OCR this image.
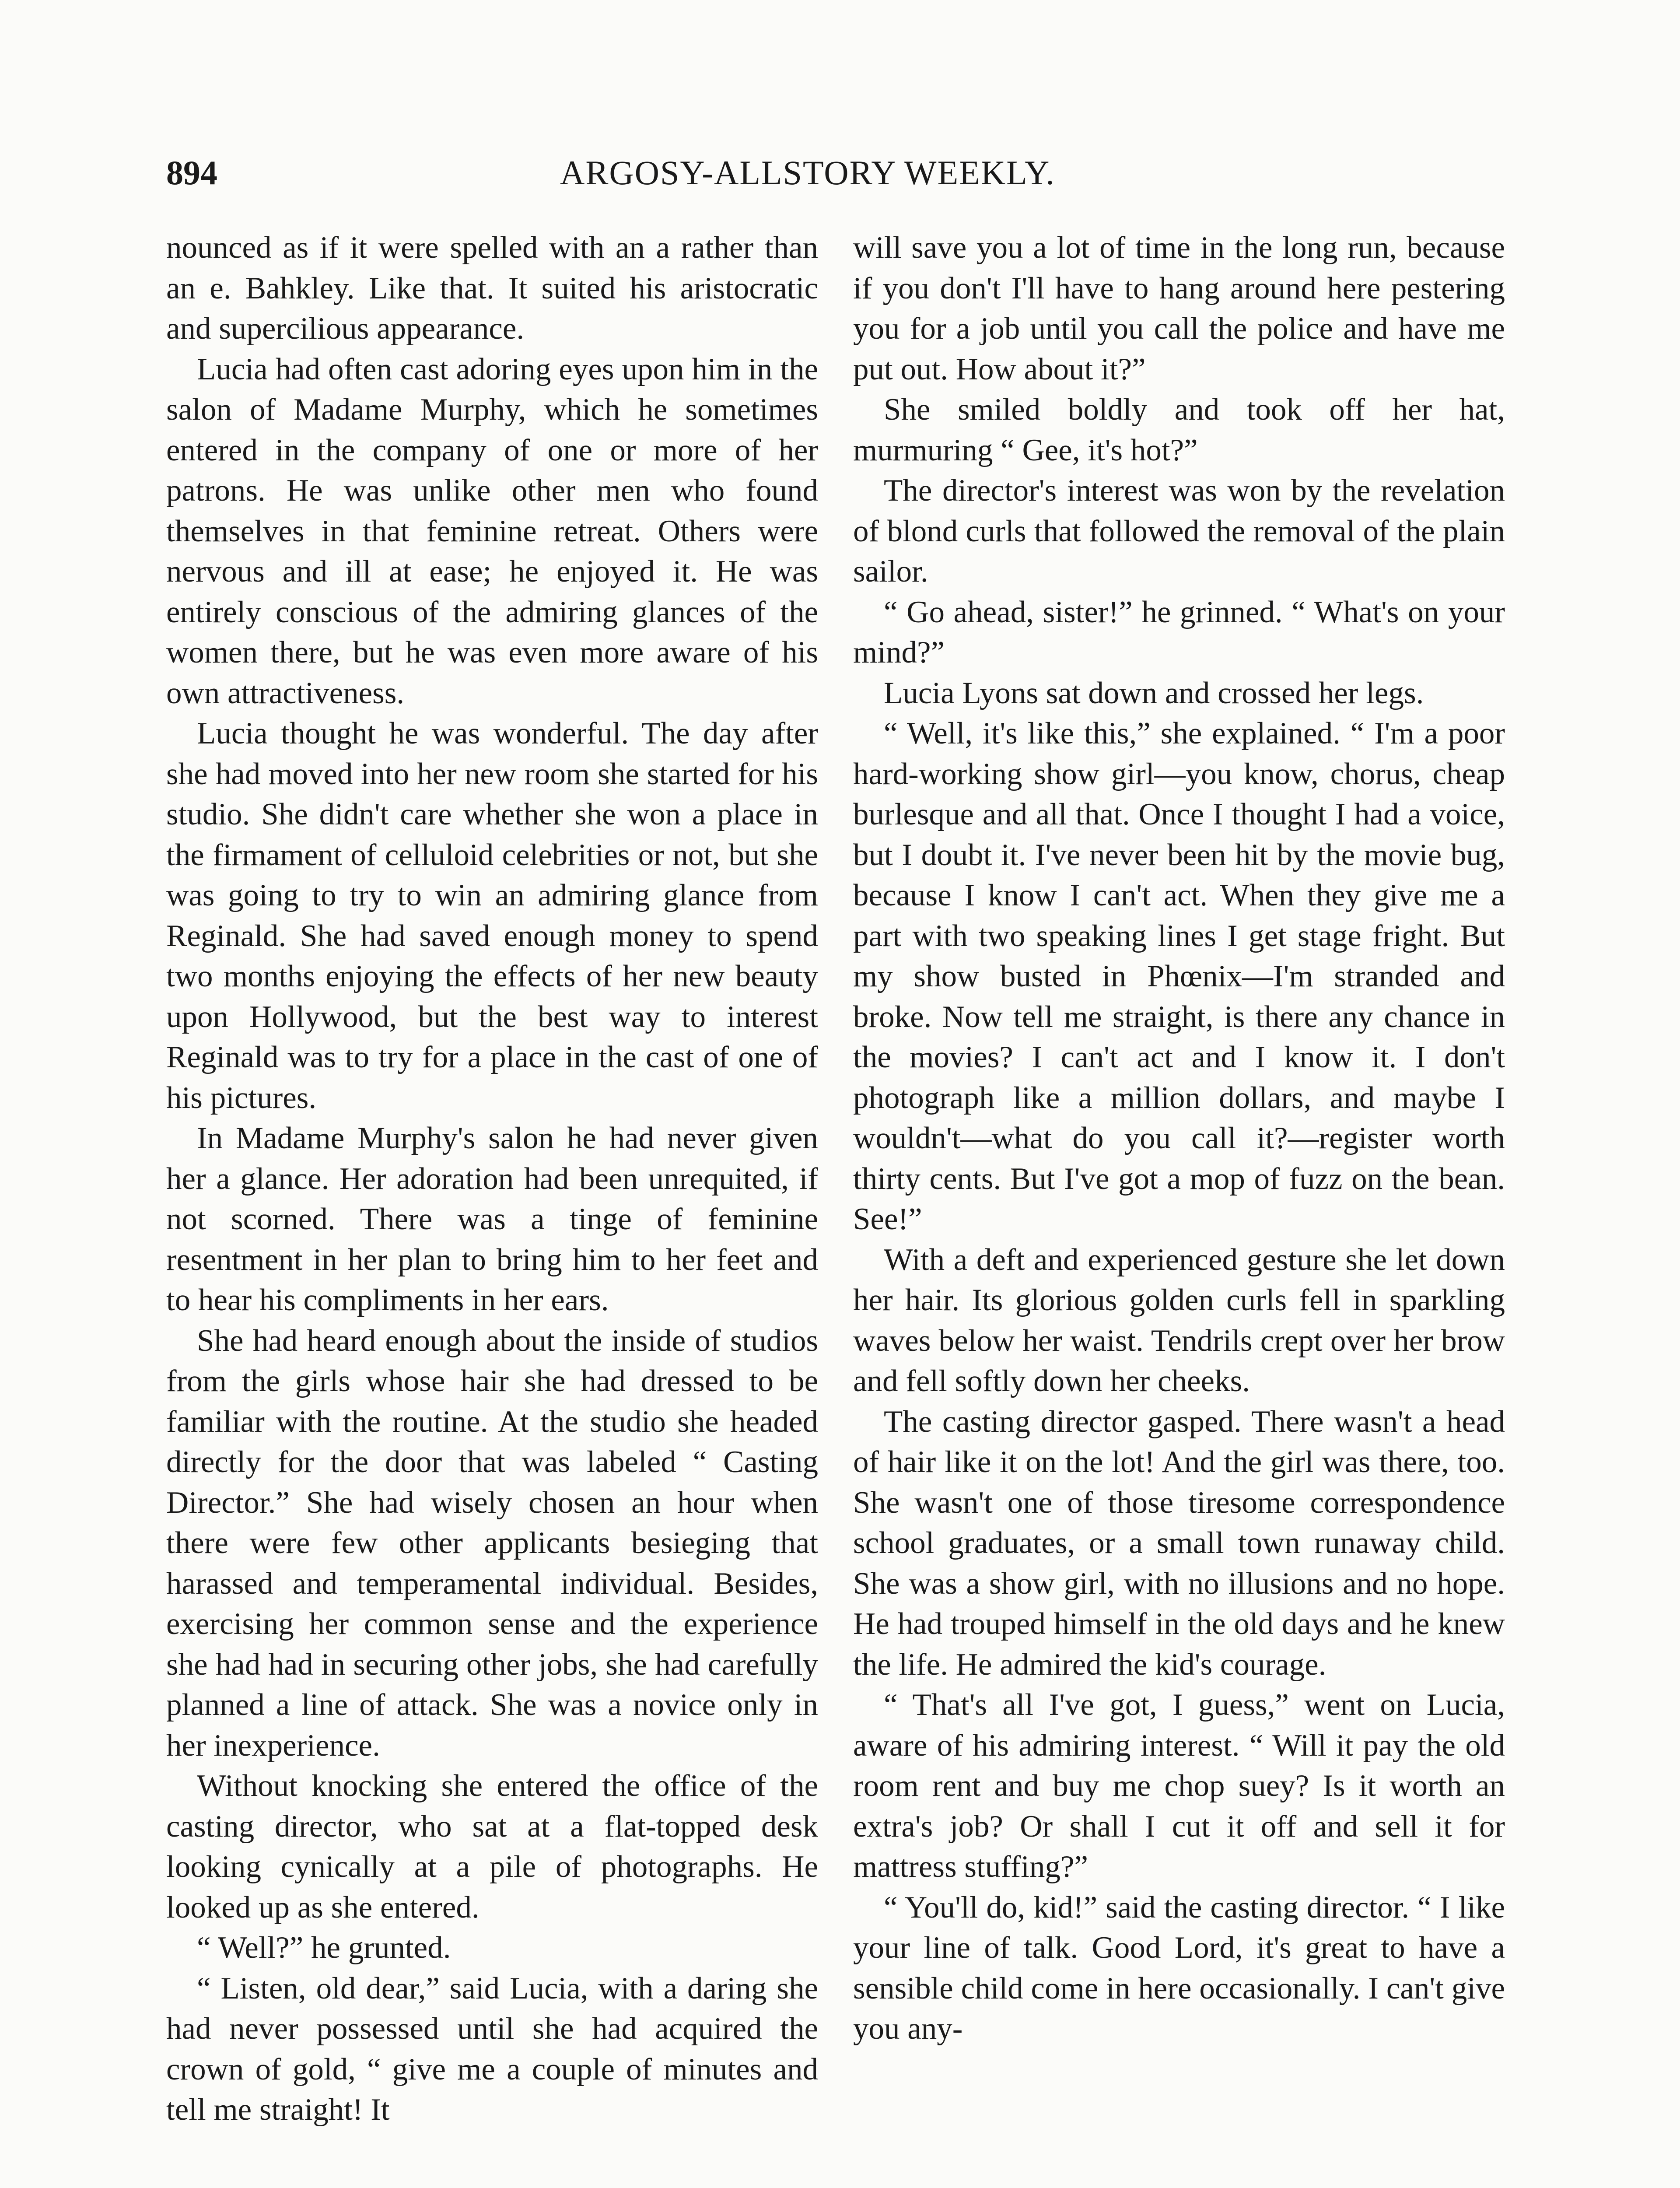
894	ARGOSY-ALLSTORY WEEKLY.

nounced as if it were spelled with an a rather than an e. Bahkley. Like that. It suited his aristocratic and supercilious appearance.

Lucia had often cast adoring eyes upon him in the salon of Madame Murphy, which he sometimes entered in the company of one or more of her patrons. He was unlike other men who found themselves in that feminine retreat. Others were nervous and ill at ease; he enjoyed it. He was entirely conscious of the admiring glances of the women there, but he was even more aware of his own attractiveness.

Lucia thought he was wonderful. The day after she had moved into her new room she started for his studio. She didn't care whether she won a place in the firmament of celluloid celebrities or not, but she was going to try to win an admiring glance from Reginald. She had saved enough money to spend two months enjoying the effects of her new beauty upon Hollywood, but the best way to interest Reginald was to try for a place in the cast of one of his pictures.

In Madame Murphy's salon he had never given her a glance. Her adoration had been unrequited, if not scorned. There was a tinge of feminine resentment in her plan to bring him to her feet and to hear his compliments in her ears.

She had heard enough about the inside of studios from the girls whose hair she had dressed to be familiar with the routine. At the studio she headed directly for the door that was labeled “ Casting Director.” She had wisely chosen an hour when there were few other applicants besieging that harassed and temperamental individual. Besides, exercising her common sense and the experience she had had in securing other jobs, she had carefully planned a line of attack. She was a novice only in her inexperience.

Without knocking she entered the office of the casting director, who sat at a flat-topped desk looking cynically at a pile of photographs. He looked up as she entered.

“ Well?” he grunted.

“ Listen, old dear,” said Lucia, with a daring she had never possessed until she had acquired the crown of gold, “ give me a couple of minutes and tell me straight! It

will save you a lot of time in the long run, because if you don't I'll have to hang around here pestering you for a job until you call the police and have me put out. How about it?”

She smiled boldly and took off her hat, murmuring “ Gee, it's hot?”

The director's interest was won by the revelation of blond curls that followed the removal of the plain sailor.

“ Go ahead, sister!” he grinned. “ What's on your mind?”

Lucia Lyons sat down and crossed her legs.

“ Well, it's like this,” she explained. “ I'm a poor hard-working show girl—you know, chorus, cheap burlesque and all that. Once I thought I had a voice, but I doubt it. I've never been hit by the movie bug, because I know I can't act. When they give me a part with two speaking lines I get stage fright. But my show busted in Phœnix—I'm stranded and broke. Now tell me straight, is there any chance in the movies? I can't act and I know it. I don't photograph like a million dollars, and maybe I wouldn't—what do you call it?—register worth thirty cents. But I've got a mop of fuzz on the bean. See!”

With a deft and experienced gesture she let down her hair. Its glorious golden curls fell in sparkling waves below her waist. Tendrils crept over her brow and fell softly down her cheeks.

The casting director gasped. There wasn't a head of hair like it on the lot! And the girl was there, too. She wasn't one of those tiresome correspondence school graduates, or a small town runaway child. She was a show girl, with no illusions and no hope. He had trouped himself in the old days and he knew the life. He admired the kid's courage.

“ That's all I've got, I guess,” went on Lucia, aware of his admiring interest. “ Will it pay the old room rent and buy me chop suey? Is it worth an extra's job? Or shall I cut it off and sell it for mattress stuffing?”

“ You'll do, kid!” said the casting director. “ I like your line of talk. Good Lord, it's great to have a sensible child come in here occasionally. I can't give you any-
